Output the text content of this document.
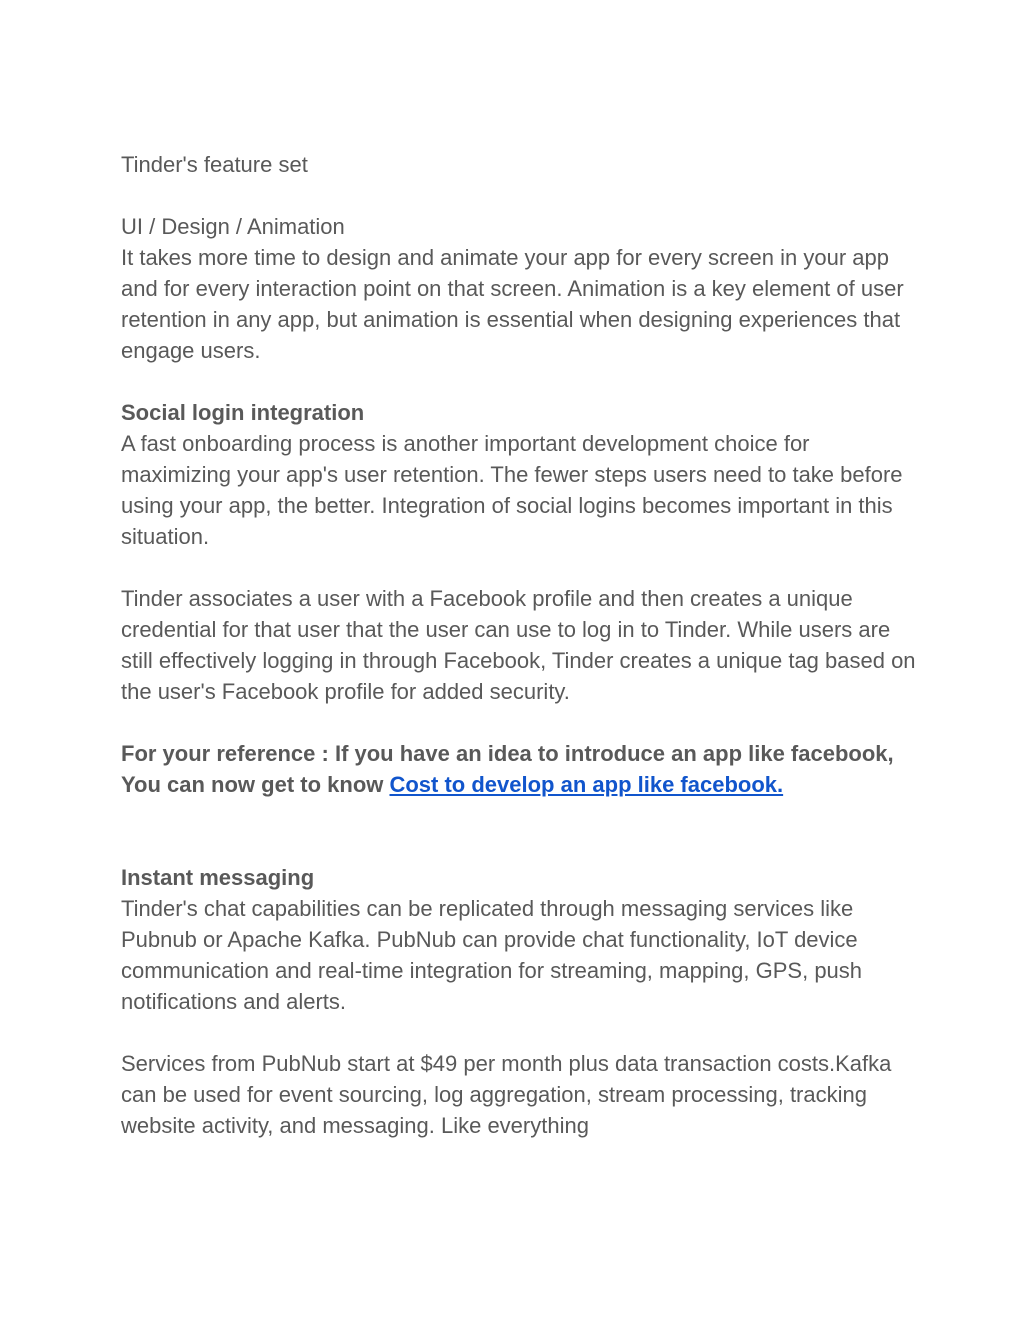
Tinder's feature set

UI / Design / Animation
It takes more time to design and animate your app for every screen in your app and for every interaction point on that screen. Animation is a key element of user retention in any app, but animation is essential when designing experiences that engage users.

Social login integration
A fast onboarding process is another important development choice for maximizing your app's user retention. The fewer steps users need to take before using your app, the better. Integration of social logins becomes important in this situation.

Tinder associates a user with a Facebook profile and then creates a unique credential for that user that the user can use to log in to Tinder. While users are still effectively logging in through Facebook, Tinder creates a unique tag based on the user's Facebook profile for added security.

For your reference : If you have an idea to introduce an app like facebook, You can now get to know Cost to develop an app like facebook.

Instant messaging
Tinder's chat capabilities can be replicated through messaging services like Pubnub or Apache Kafka. PubNub can provide chat functionality, IoT device communication and real-time integration for streaming, mapping, GPS, push notifications and alerts.

Services from PubNub start at $49 per month plus data transaction costs.Kafka can be used for event sourcing, log aggregation, stream processing, tracking website activity, and messaging. Like everything
